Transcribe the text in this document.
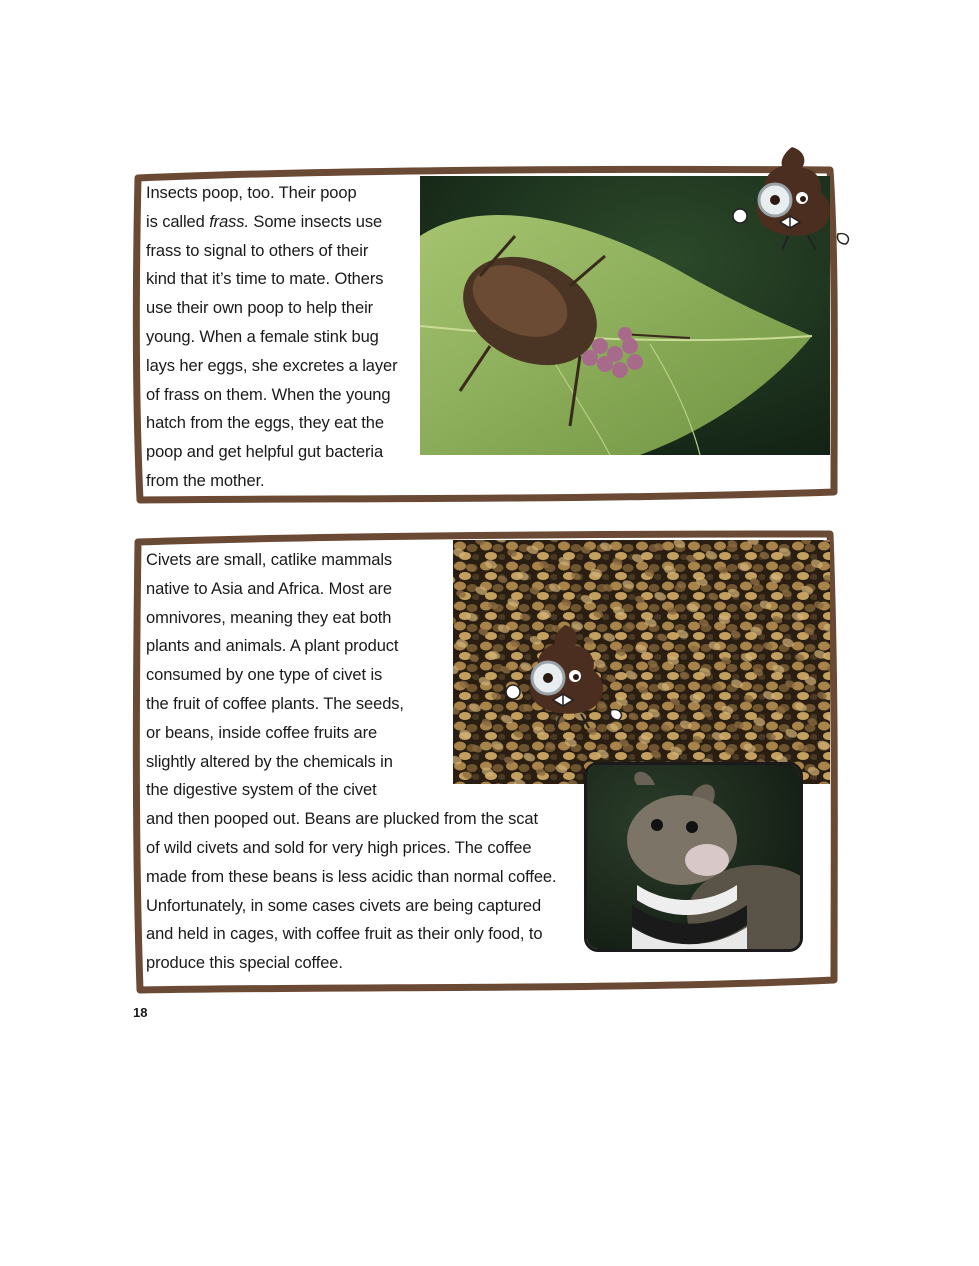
Insects poop, too. Their poop
is called frass. Some insects use
frass to signal to others of their
kind that it’s time to mate. Others
use their own poop to help their
young. When a female stink bug
lays her eggs, she excretes a layer
of frass on them. When the young
hatch from the eggs, they eat the
poop and get helpful gut bacteria
from the mother.
Civets are small, catlike mammals
native to Asia and Africa. Most are
omnivores, meaning they eat both
plants and animals. A plant product
consumed by one type of civet is
the fruit of coffee plants. The seeds,
or beans, inside coffee fruits are
slightly altered by the chemicals in
the digestive system of the civet
and then pooped out. Beans are plucked from the scat
of wild civets and sold for very high prices. The coffee
made from these beans is less acidic than normal coffee.
Unfortunately, in some cases civets are being captured
and held in cages, with coffee fruit as their only food, to
produce this special coffee.
18
